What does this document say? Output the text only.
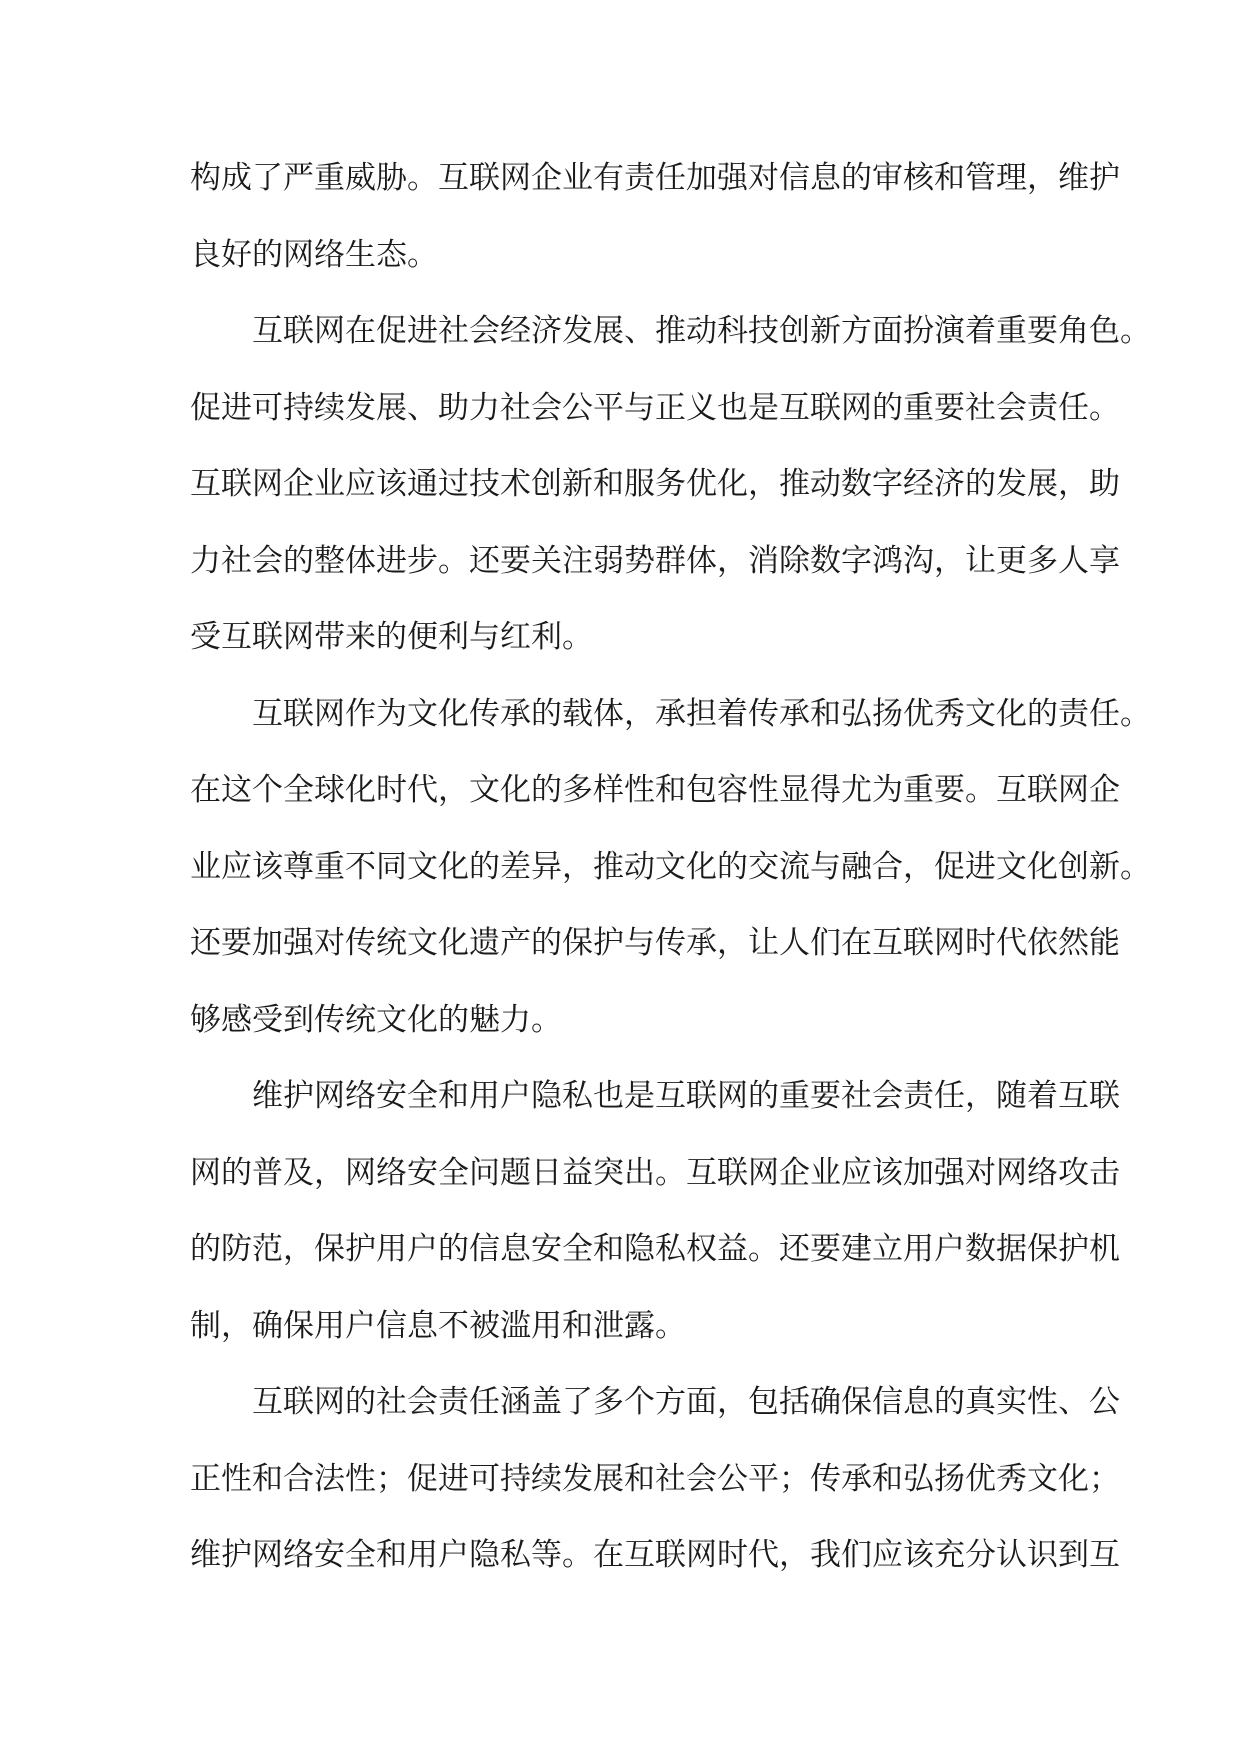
构成了严重威胁。互联网企业有责任加强对信息的审核和管理，维护
良好的网络生态。
互联网在促进社会经济发展、推动科技创新方面扮演着重要角色。
促进可持续发展、助力社会公平与正义也是互联网的重要社会责任。
互联网企业应该通过技术创新和服务优化，推动数字经济的发展，助
力社会的整体进步。还要关注弱势群体，消除数字鸿沟，让更多人享
受互联网带来的便利与红利。
互联网作为文化传承的载体，承担着传承和弘扬优秀文化的责任。
在这个全球化时代，文化的多样性和包容性显得尤为重要。互联网企
业应该尊重不同文化的差异，推动文化的交流与融合，促进文化创新。
还要加强对传统文化遗产的保护与传承，让人们在互联网时代依然能
够感受到传统文化的魅力。
维护网络安全和用户隐私也是互联网的重要社会责任，随着互联
网的普及，网络安全问题日益突出。互联网企业应该加强对网络攻击
的防范，保护用户的信息安全和隐私权益。还要建立用户数据保护机
制，确保用户信息不被滥用和泄露。
互联网的社会责任涵盖了多个方面，包括确保信息的真实性、公
正性和合法性；促进可持续发展和社会公平；传承和弘扬优秀文化；
维护网络安全和用户隐私等。在互联网时代，我们应该充分认识到互
